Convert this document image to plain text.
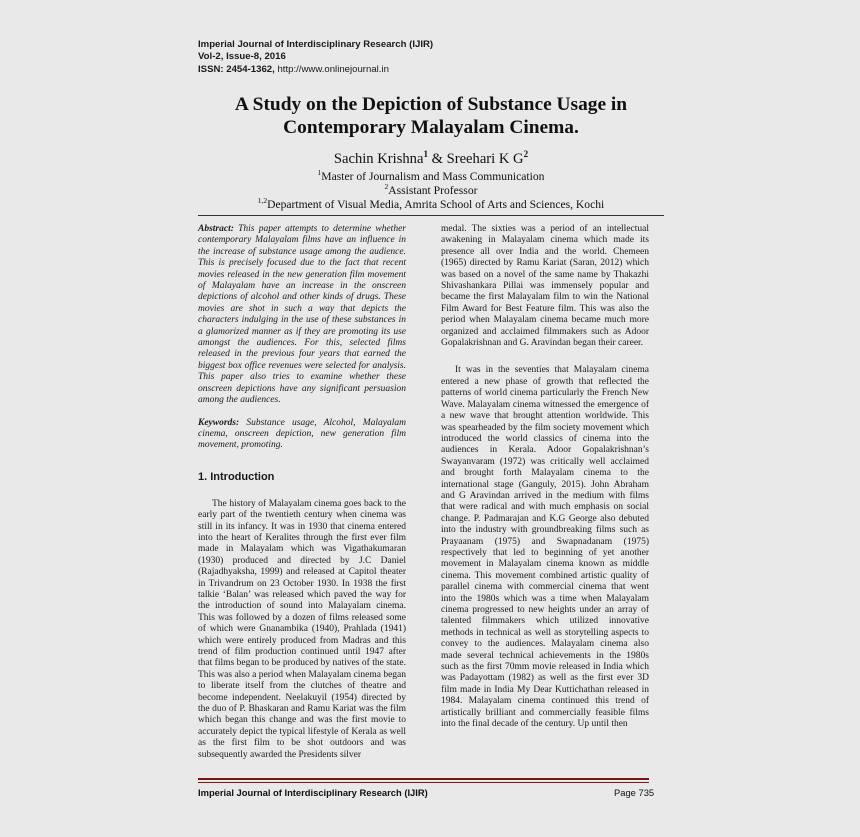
Imperial Journal of Interdisciplinary Research (IJIR)
Vol-2, Issue-8, 2016
ISSN: 2454-1362, http://www.onlinejournal.in
A Study on the Depiction of Substance Usage in
Contemporary Malayalam Cinema.
Sachin Krishna$^1$ & Sreehari K $G^2$
$^1$Master of Journalism and Mass Communication
$^2$Assistant Professor
$^{1,2}$Department of Visual Media, Amrita School of Arts and Sciences, Kochi

Abstract: This paper attempts to determine whether contemporary Malayalam films have an influence in the increase of substance usage among the audience. This is precisely focused due to the fact that recent movies released in the new generation film movement of Malayalam have an increase in the onscreen depictions of alcohol and other kinds of drugs. These movies are shot in such a way that depicts the characters indulging in the use of these substances in a glamorized manner as if they are promoting its use amongst the audiences. For this, selected films released in the previous four years that earned the biggest box office revenues were selected for analysis. This paper also tries to examine whether these onscreen depictions have any significant persuasion among the audiences.

Keywords: Substance usage, Alcohol, Malayalam cinema, onscreen depiction, new generation film movement, promoting.

1. Introduction

The history of Malayalam cinema goes back to the early part of the twentieth century when cinema was still in its infancy. It was in 1930 that cinema entered into the heart of Keralites through the first ever film made in Malayalam which was Vigathakumaran (1930) produced and directed by J.C Daniel (Rajadhyaksha, 1999) and released at Capitol theater in Trivandrum on 23 October 1930. In 1938 the first talkie ‘Balan’ was released which paved the way for the introduction of sound into Malayalam cinema. This was followed by a dozen of films released some of which were Gnanambika (1940), Prahlada (1941) which were entirely produced from Madras and this trend of film production continued until 1947 after that films began to be produced by natives of the state. This was also a period when Malayalam cinema began to liberate itself from the clutches of theatre and become independent. Neelakuyil (1954) directed by the duo of P. Bhaskaran and Ramu Kariat was the film which began this change and was the first movie to accurately depict the typical lifestyle of Kerala as well as the first film to be shot outdoors and was subsequently awarded the Presidents silver

medal. The sixties was a period of an intellectual awakening in Malayalam cinema which made its presence all over India and the world. Chemeen (1965) directed by Ramu Kariat (Saran, 2012) which was based on a novel of the same name by Thakazhi Shivashankara Pillai was immensely popular and became the first Malayalam film to win the National Film Award for Best Feature film. This was also the period when Malayalam cinema became much more organized and acclaimed filmmakers such as Adoor Gopalakrishnan and G. Aravindan began their career.

It was in the seventies that Malayalam cinema entered a new phase of growth that reflected the patterns of world cinema particularly the French New Wave. Malayalam cinema witnessed the emergence of a new wave that brought attention worldwide. This was spearheaded by the film society movement which introduced the world classics of cinema into the audiences in Kerala. Adoor Gopalakrishnan’s Swayanvaram (1972) was critically well acclaimed and brought forth Malayalam cinema to the international stage (Ganguly, 2015). John Abraham and G Aravindan arrived in the medium with films that were radical and with much emphasis on social change. P. Padmarajan and K.G George also debuted into the industry with groundbreaking films such as Prayaanam (1975) and Swapnadanam (1975) respectively that led to beginning of yet another movement in Malayalam cinema known as middle cinema. This movement combined artistic quality of parallel cinema with commercial cinema that went into the 1980s which was a time when Malayalam cinema progressed to new heights under an array of talented filmmakers which utilized innovative methods in technical as well as storytelling aspects to convey to the audiences. Malayalam cinema also made several technical achievements in the 1980s such as the first 70mm movie released in India which was Padayottam (1982) as well as the first ever 3D film made in India My Dear Kuttichathan released in 1984. Malayalam cinema continued this trend of artistically brilliant and commercially feasible films into the final decade of the century. Up until then

Imperial Journal of Interdisciplinary Research (IJIR)	Page 735
